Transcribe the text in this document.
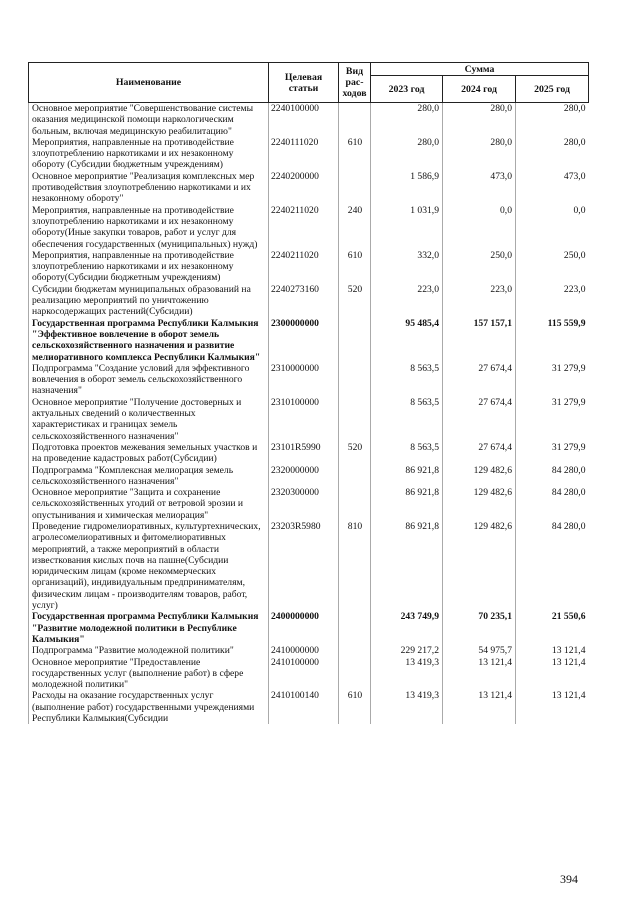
Наименование	Целевая статьи	Вид рас-ходов	Сумма		
			2023 год	2024 год	2025 год
Основное мероприятие "Совершенствование системы оказания медицинской помощи наркологическим больным, включая медицинскую реабилитацию"	2240100000		280,0	280,0	280,0
Мероприятия, направленные на противодействие злоупотреблению наркотиками и их незаконному обороту (Субсидии бюджетным учреждениям)	2240111020	610	280,0	280,0	280,0
Основное мероприятие "Реализация комплексных мер противодействия злоупотреблению наркотиками и их незаконному обороту"	2240200000		1 586,9	473,0	473,0
Мероприятия, направленные на противодействие злоупотреблению наркотиками и их незаконному обороту(Иные закупки товаров, работ и услуг для обеспечения государственных (муниципальных) нужд)	2240211020	240	1 031,9	0,0	0,0
Мероприятия, направленные на противодействие злоупотреблению наркотиками и их незаконному обороту(Субсидии бюджетным учреждениям)	2240211020	610	332,0	250,0	250,0
Субсидии бюджетам муниципальных образований на реализацию мероприятий по уничтожению наркосодержащих растений(Субсидии)	2240273160	520	223,0	223,0	223,0
Государственная программа Республики Калмыкия "Эффективное вовлечение в оборот земель сельскохозяйственного назначения и развитие мелиоративного комплекса Республики Калмыкия"	2300000000		95 485,4	157 157,1	115 559,9
Подпрограмма "Создание условий для эффективного вовлечения в оборот земель сельскохозяйственного назначения"	2310000000		8 563,5	27 674,4	31 279,9
Основное мероприятие "Получение достоверных и актуальных сведений о количественных характеристиках и границах земель сельскохозяйственного назначения"	2310100000		8 563,5	27 674,4	31 279,9
Подготовка проектов межевания земельных участков и на проведение кадастровых работ(Субсидии)	23101R5990	520	8 563,5	27 674,4	31 279,9
Подпрограмма "Комплексная мелиорация земель сельскохозяйственного назначения"	2320000000		86 921,8	129 482,6	84 280,0
Основное мероприятие "Защита и сохранение сельскохозяйственных угодий от ветровой эрозии и опустынивания и химическая мелиорация"	2320300000		86 921,8	129 482,6	84 280,0
Проведение гидромелиоративных, культуртехнических, агролесомелиоративных и фитомелиоративных мероприятий, а также мероприятий в области известкования кислых почв на пашне(Субсидии юридическим лицам (кроме некоммерческих организаций), индивидуальным предпринимателям, физическим лицам - производителям товаров, работ, услуг)	23203R5980	810	86 921,8	129 482,6	84 280,0
Государственная программа Республики Калмыкия "Развитие молодежной политики в Республике Калмыкия"	2400000000		243 749,9	70 235,1	21 550,6
Подпрограмма "Развитие молодежной политики"	2410000000		229 217,2	54 975,7	13 121,4
Основное мероприятие "Предоставление государственных услуг (выполнение работ) в сфере молодежной политики"	2410100000		13 419,3	13 121,4	13 121,4
Расходы на оказание государственных услуг (выполнение работ) государственными учреждениями Республики Калмыкия(Субсидии	2410100140	610	13 419,3	13 121,4	13 121,4
394
